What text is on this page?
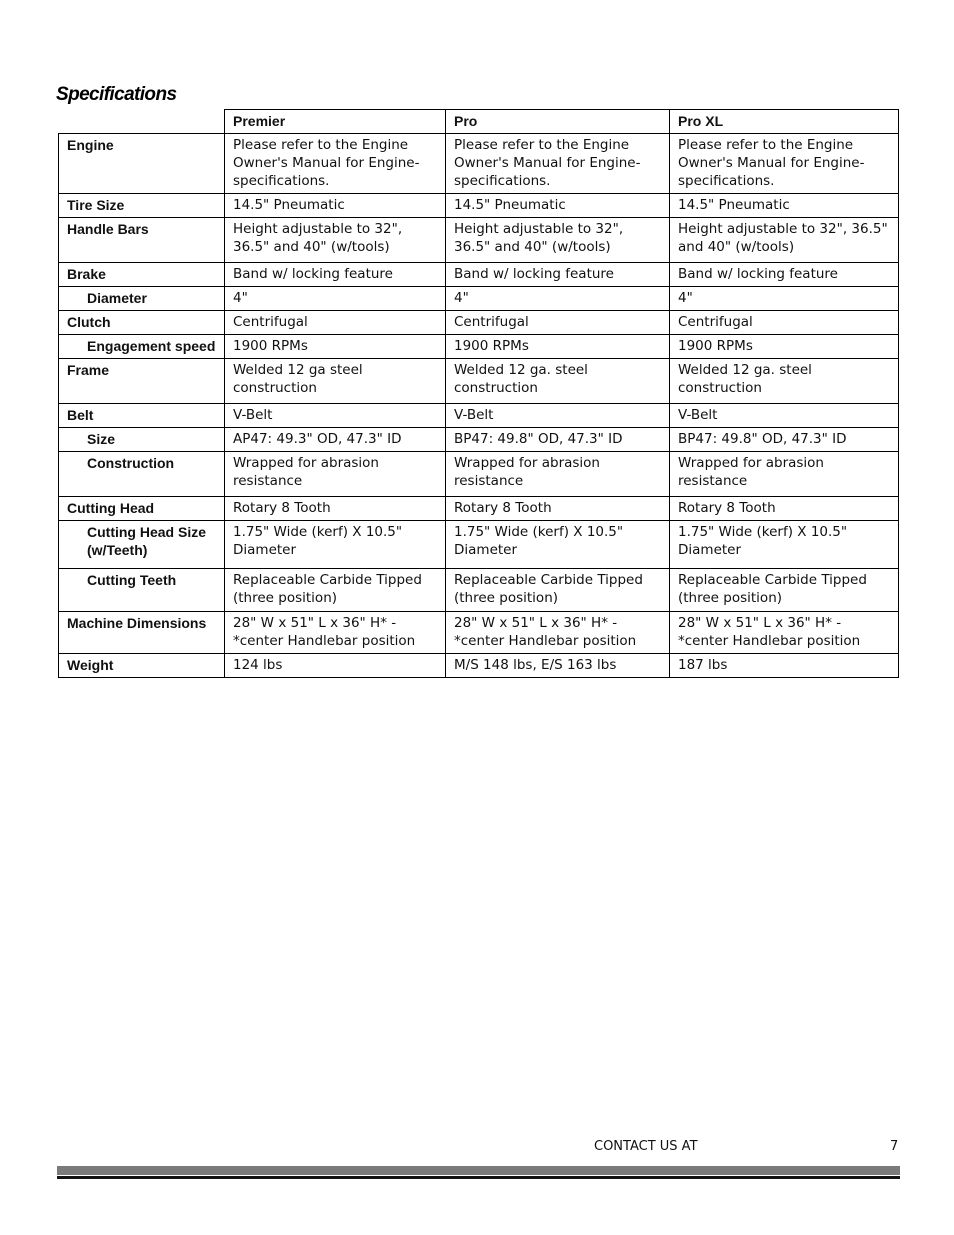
Specifications
	Premier	Pro	Pro XL
Engine	Please refer to the Engine Owner's Manual for Engine-specifications.	Please refer to the Engine Owner's Manual for Engine-specifications.	Please refer to the Engine Owner's Manual for Engine-specifications.
Tire Size	14.5" Pneumatic	14.5" Pneumatic	14.5" Pneumatic
Handle Bars	Height adjustable to 32", 36.5" and 40" (w/tools)	Height adjustable to 32", 36.5" and 40" (w/tools)	Height adjustable to 32", 36.5" and 40" (w/tools)
Brake	Band w/ locking feature	Band w/ locking feature	Band w/ locking feature
Diameter	4"	4"	4"
Clutch	Centrifugal	Centrifugal	Centrifugal
Engagement speed	1900 RPMs	1900 RPMs	1900 RPMs
Frame	Welded 12 ga steel construction	Welded 12 ga. steel construction	Welded 12 ga. steel construction
Belt	V-Belt	V-Belt	V-Belt
Size	AP47: 49.3" OD, 47.3" ID	BP47: 49.8" OD, 47.3" ID	BP47: 49.8" OD, 47.3" ID
Construction	Wrapped for abrasion resistance	Wrapped for abrasion resistance	Wrapped for abrasion resistance
Cutting Head	Rotary 8 Tooth	Rotary 8 Tooth	Rotary 8 Tooth
Cutting Head Size (w/Teeth)	1.75" Wide (kerf) X 10.5" Diameter	1.75" Wide (kerf) X 10.5" Diameter	1.75" Wide (kerf) X 10.5" Diameter
Cutting Teeth	Replaceable Carbide Tipped (three position)	Replaceable Carbide Tipped (three position)	Replaceable Carbide Tipped (three position)
Machine Dimensions	28" W x 51" L x 36" H* - *center Handlebar position	28" W x 51" L x 36" H* - *center Handlebar position	28" W x 51" L x 36" H* - *center Handlebar position
Weight	124 lbs	M/S 148 lbs, E/S 163 lbs	187 lbs
CONTACT US AT	7
